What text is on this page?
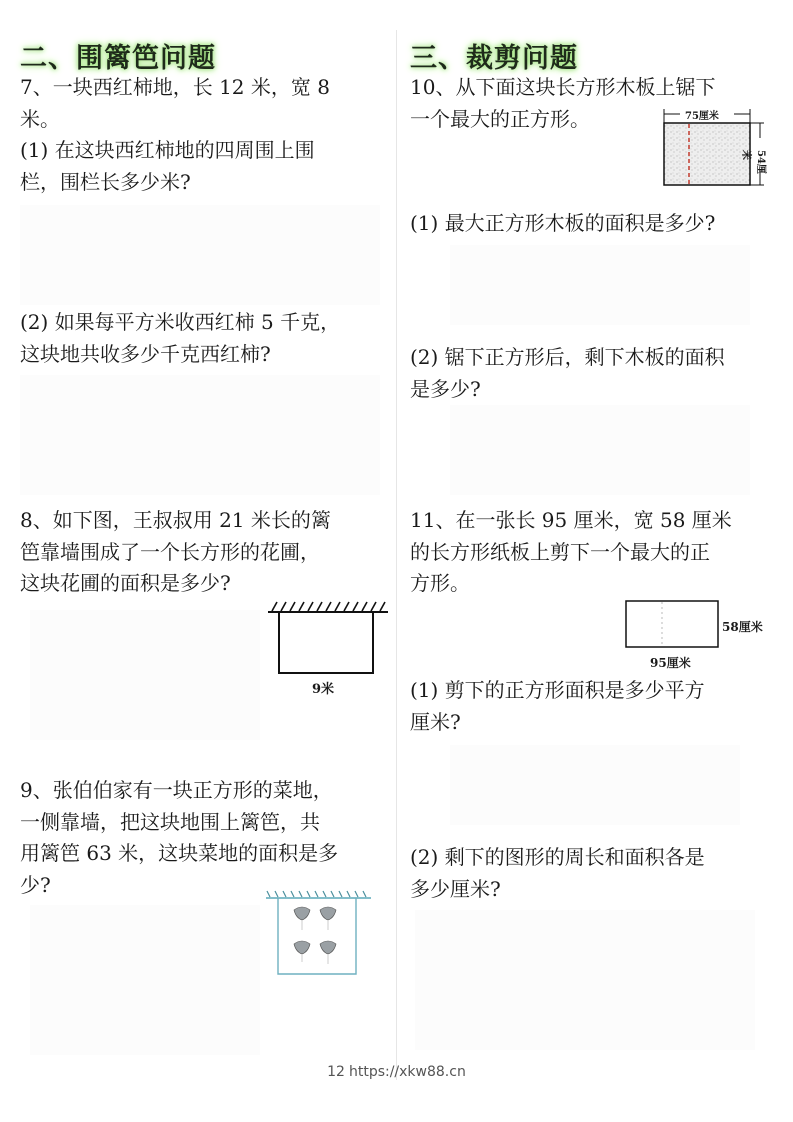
二、围篱笆问题
7、一块西红柿地，长 12 米，宽 8
米。
(1) 在这块西红柿地的四周围上围
栏，围栏长多少米?
(2) 如果每平方米收西红柿 5 千克，
这块地共收多少千克西红柿?
8、如下图，王叔叔用 21 米长的篱
笆靠墙围成了一个长方形的花圃，
这块花圃的面积是多少?
9米
9、张伯伯家有一块正方形的菜地，
一侧靠墙，把这块地围上篱笆，共
用篱笆 63 米，这块菜地的面积是多
少?
三、裁剪问题
10、从下面这块长方形木板上锯下
一个最大的正方形。	75厘米
54厘米
(1) 最大正方形木板的面积是多少?
(2) 锯下正方形后，剩下木板的面积
是多少?
11、在一张长 95 厘米，宽 58 厘米
的长方形纸板上剪下一个最大的正
方形。
58厘米
95厘米
(1) 剪下的正方形面积是多少平方
厘米?
(2) 剩下的图形的周长和面积各是
多少厘米?
12 https://xkw88.cn
